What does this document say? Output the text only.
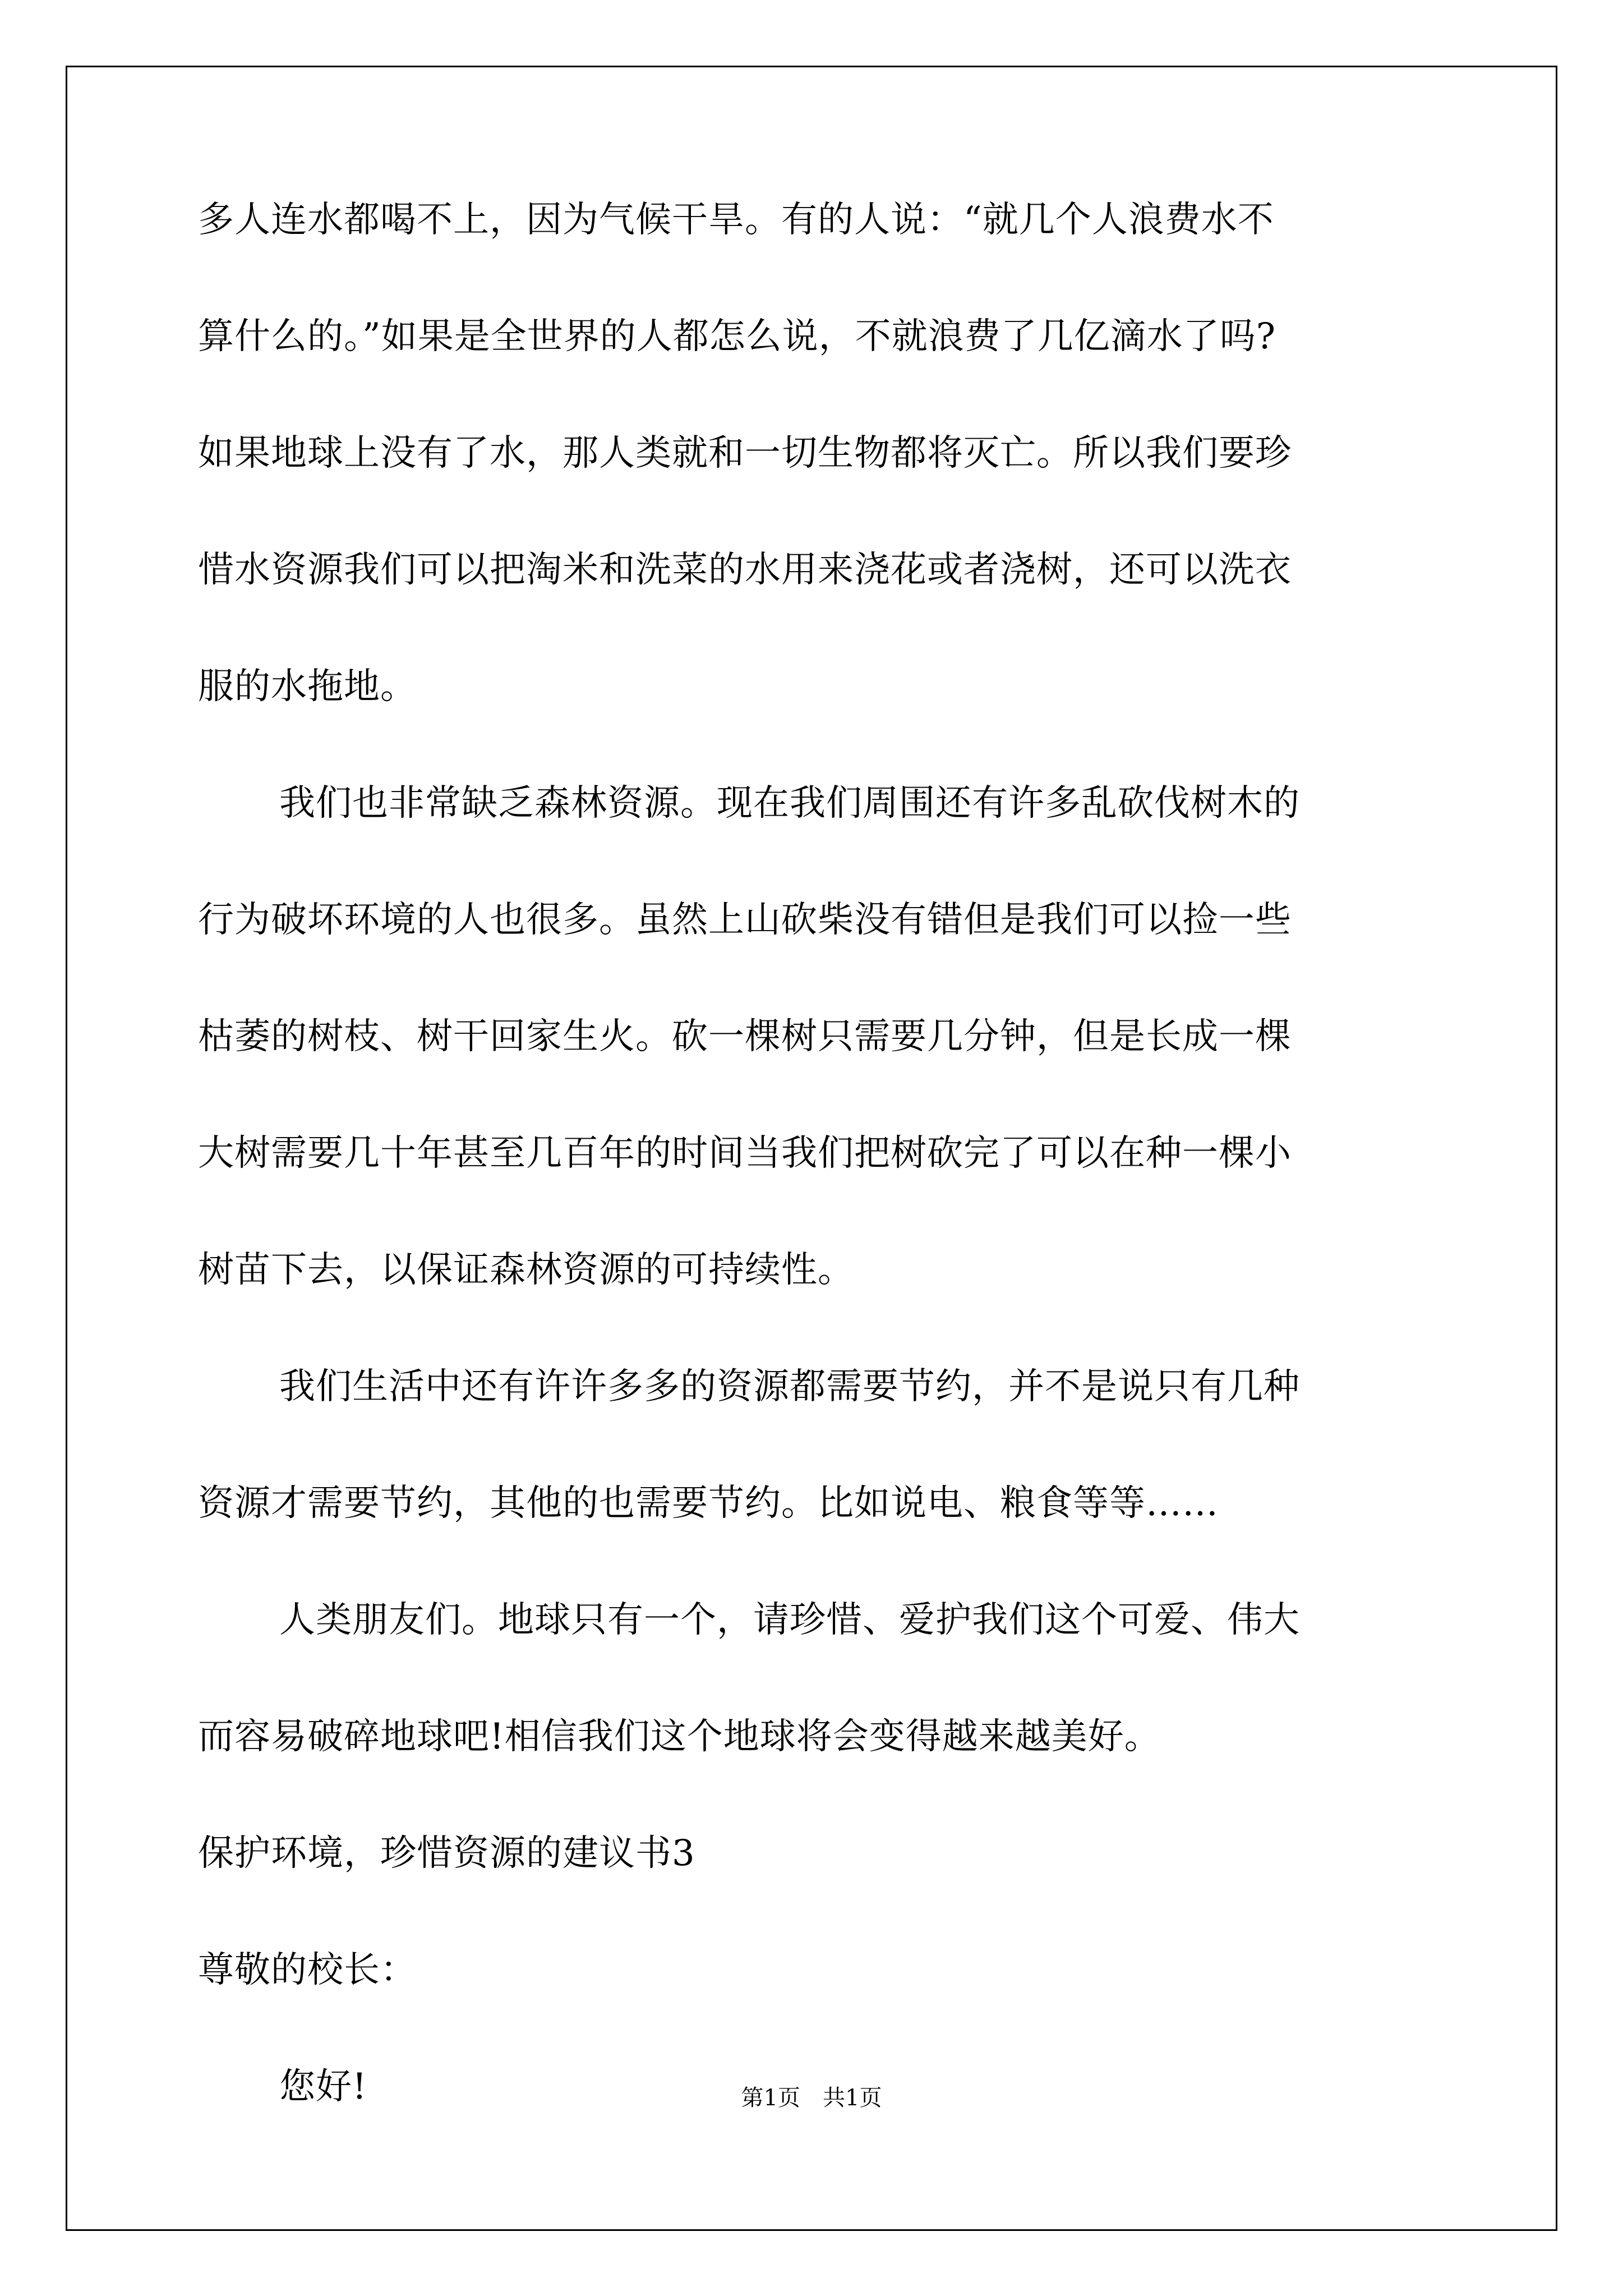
多人连水都喝不上，因为气候干旱。有的人说：“就几个人浪费水不
算什么的。”如果是全世界的人都怎么说，不就浪费了几亿滴水了吗?
如果地球上没有了水，那人类就和一切生物都将灭亡。所以我们要珍
惜水资源我们可以把淘米和洗菜的水用来浇花或者浇树，还可以洗衣
服的水拖地。
我们也非常缺乏森林资源。现在我们周围还有许多乱砍伐树木的
行为破坏环境的人也很多。虽然上山砍柴没有错但是我们可以捡一些
枯萎的树枝、树干回家生火。砍一棵树只需要几分钟，但是长成一棵
大树需要几十年甚至几百年的时间当我们把树砍完了可以在种一棵小
树苗下去，以保证森林资源的可持续性。
我们生活中还有许许多多的资源都需要节约，并不是说只有几种
资源才需要节约，其他的也需要节约。比如说电、粮食等等……
人类朋友们。地球只有一个，请珍惜、爱护我们这个可爱、伟大
而容易破碎地球吧!相信我们这个地球将会变得越来越美好。
保护环境，珍惜资源的建议书3
尊敬的校长：
您好!	第1页 共1页
